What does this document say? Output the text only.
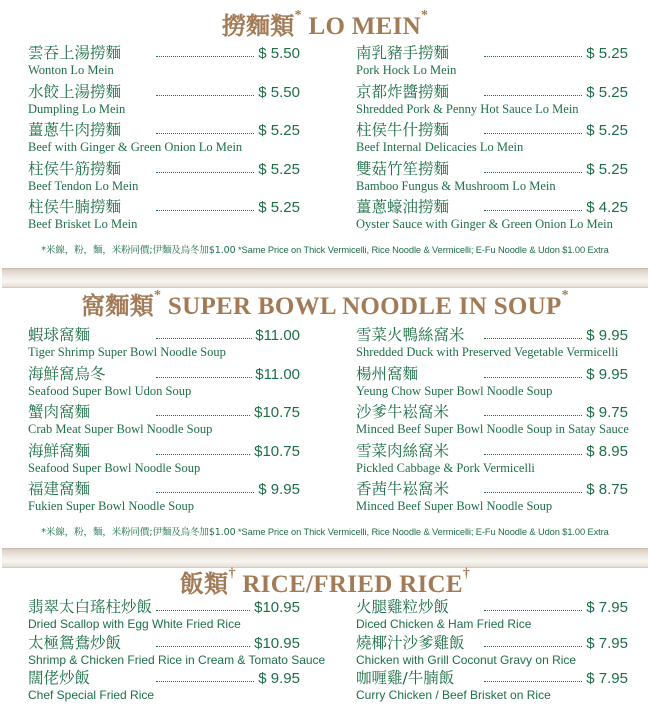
撈麵類* LO MEIN*
雲吞上湯撈麵	$ 5.50
Wonton Lo Mein
南乳豬手撈麵	$ 5.25
Pork Hock Lo Mein
水餃上湯撈麵	$ 5.50
Dumpling Lo Mein
京都炸醬撈麵	$ 5.25
Shredded Pork & Penny Hot Sauce Lo Mein
薑蔥牛肉撈麵	$ 5.25
Beef with Ginger & Green Onion Lo Mein
柱侯牛什撈麵	$ 5.25
Beef Internal Delicacies Lo Mein
柱侯牛筋撈麵	$ 5.25
Beef Tendon Lo Mein
雙菇竹笙撈麵	$ 5.25
Bamboo Fungus & Mushroom Lo Mein
柱侯牛腩撈麵	$ 5.25
Beef Brisket Lo Mein
薑蔥蠔油撈麵	$ 4.25
Oyster Sauce with Ginger & Green Onion Lo Mein
*米線，粉，麵，米粉同價;伊麵及烏冬加$1.00 *Same Price on Thick Vermicelli, Rice Noodle & Vermicelli; E-Fu Noodle & Udon $1.00 Extra
窩麵類* SUPER BOWL NOODLE IN SOUP*
蝦球窩麵	$11.00
Tiger Shrimp Super Bowl Noodle Soup
雪菜火鴨絲窩米	$ 9.95
Shredded Duck with Preserved Vegetable Vermicelli
海鮮窩烏冬	$11.00
Seafood Super Bowl Udon Soup
楊州窩麵	$ 9.95
Yeung Chow Super Bowl Noodle Soup
蟹肉窩麵	$10.75
Crab Meat Super Bowl Noodle Soup
沙爹牛崧窩米	$ 9.75
Minced Beef Super Bowl Noodle Soup in Satay Sauce
海鮮窩麵	$10.75
Seafood Super Bowl Noodle Soup
雪菜肉絲窩米	$ 8.95
Pickled Cabbage & Pork Vermicelli
福建窩麵	$ 9.95
Fukien Super Bowl Noodle Soup
香茜牛崧窩米	$ 8.75
Minced Beef Super Bowl Noodle Soup
*米線，粉，麵，米粉同價;伊麵及烏冬加$1.00 *Same Price on Thick Vermicelli, Rice Noodle & Vermicelli; E-Fu Noodle & Udon $1.00 Extra
飯類† RICE/FRIED RICE†
翡翠太白瑤柱炒飯	$10.95
Dried Scallop with Egg White Fried Rice
火腿雞粒炒飯	$ 7.95
Diced Chicken & Ham Fried Rice
太極鴛鴦炒飯	$10.95
Shrimp & Chicken Fried Rice in Cream & Tomato Sauce
燒椰汁沙爹雞飯	$ 7.95
Chicken with Grill Coconut Gravy on Rice
闊佬炒飯	$ 9.95
Chef Special Fried Rice
咖喱雞/牛腩飯	$ 7.95
Curry Chicken / Beef Brisket on Rice
